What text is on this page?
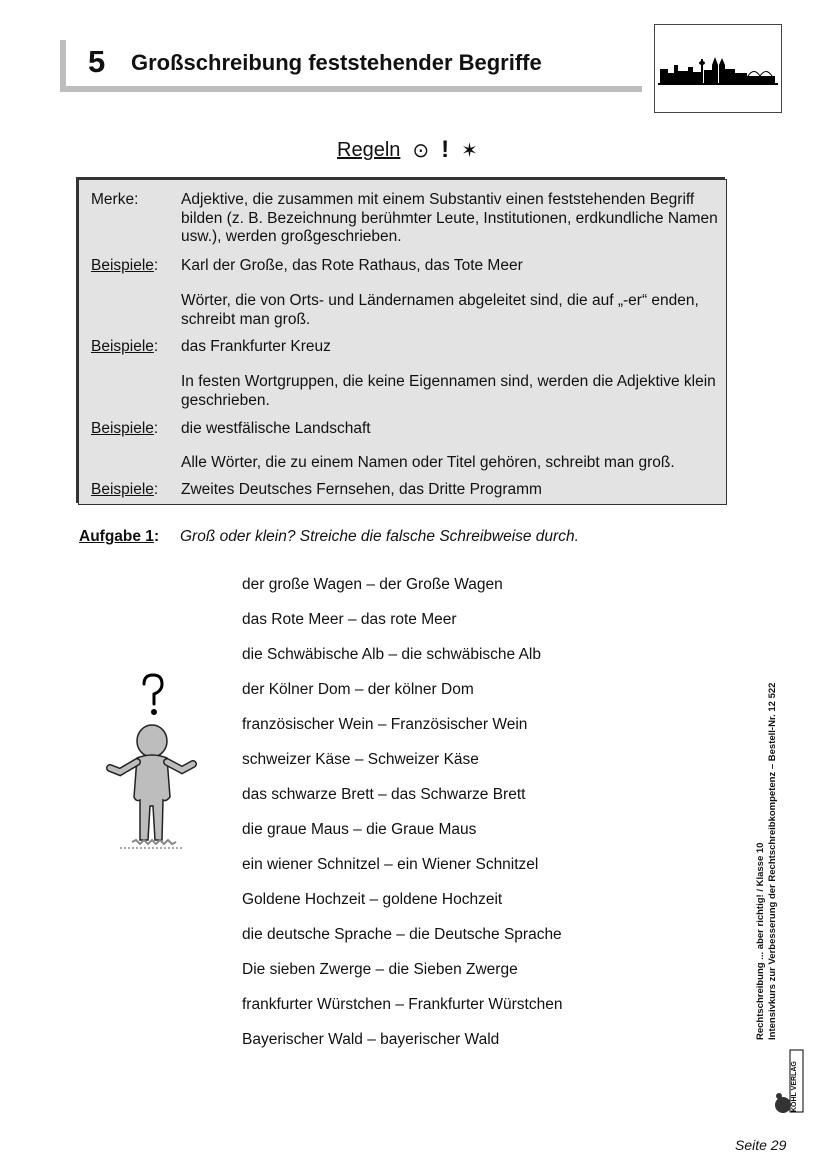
5 Großschreibung feststehender Begriffe
Regeln ⊙ ! ✶
Merke:	Adjektive, die zusammen mit einem Substantiv einen feststehenden Begriff bilden (z. B. Bezeichnung berühmter Leute, Institutionen, erdkundliche Namen usw.), werden großgeschrieben.
Beispiele:	Karl der Große, das Rote Rathaus, das Tote Meer
Wörter, die von Orts- und Ländernamen abgeleitet sind, die auf „-er“ enden, schreibt man groß.
Beispiele:	das Frankfurter Kreuz
In festen Wortgruppen, die keine Eigennamen sind, werden die Adjektive klein geschrieben.
Beispiele:	die westfälische Landschaft
Alle Wörter, die zu einem Namen oder Titel gehören, schreibt man groß.
Beispiele:	Zweites Deutsches Fernsehen, das Dritte Programm
Aufgabe 1: Groß oder klein? Streiche die falsche Schreibweise durch.
der große Wagen – der Große Wagen
das Rote Meer – das rote Meer
die Schwäbische Alb – die schwäbische Alb
der Kölner Dom – der kölner Dom
französischer Wein – Französischer Wein
schweizer Käse – Schweizer Käse
das schwarze Brett – das Schwarze Brett
die graue Maus – die Graue Maus
ein wiener Schnitzel – ein Wiener Schnitzel
Goldene Hochzeit – goldene Hochzeit
die deutsche Sprache – die Deutsche Sprache
Die sieben Zwerge – die Sieben Zwerge
frankfurter Würstchen – Frankfurter Würstchen
Bayerischer Wald – bayerischer Wald	Rechtschreibung ... aber richtig! / Klasse 10 Intensivkurs zur Verbesserung der Rechtschreibkompetenz – Bestell-Nr. 12 522
KOHL VERLAG
Seite 29
